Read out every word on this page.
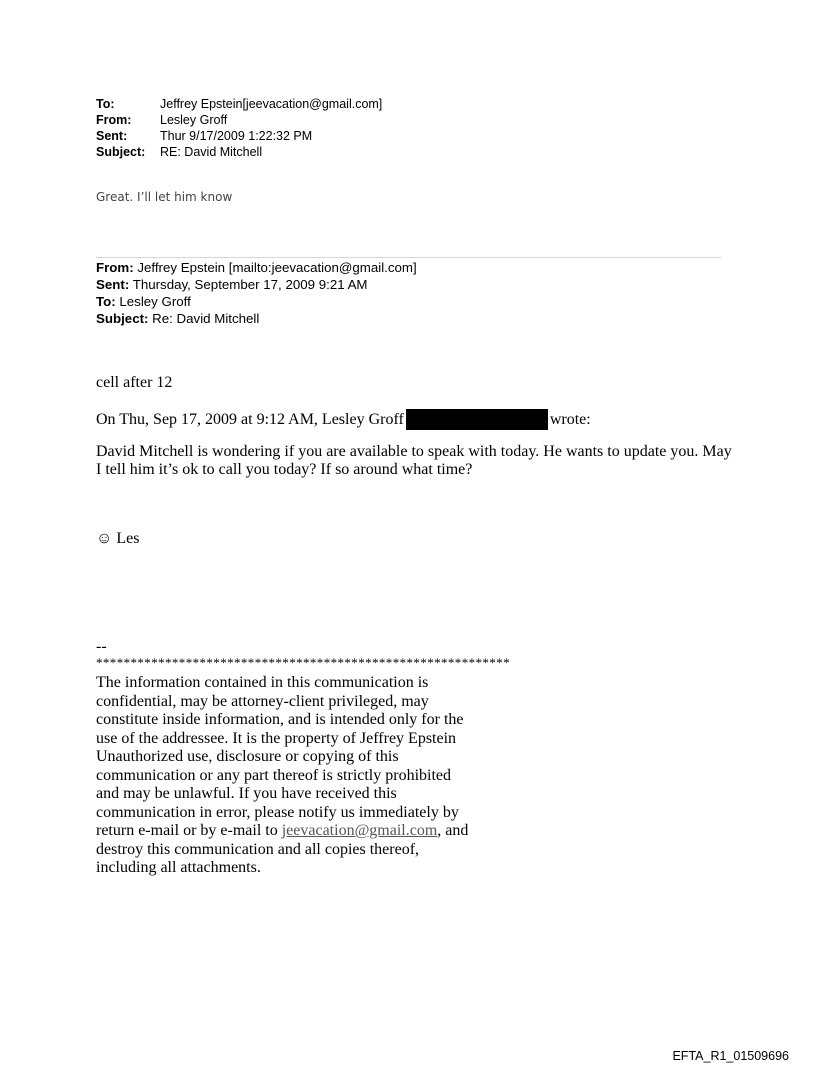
To:	Jeffrey Epstein[jeevacation@gmail.com]
From:	Lesley Groff
Sent:	Thur 9/17/2009 1:22:32 PM
Subject:	RE: David Mitchell
Great. I’ll let him know
From: Jeffrey Epstein [mailto:jeevacation@gmail.com]
Sent: Thursday, September 17, 2009 9:21 AM
To: Lesley Groff
Subject: Re: David Mitchell
cell after 12
On Thu, Sep 17, 2009 at 9:12 AM, Lesley Groff	wrote:
David Mitchell is wondering if you are available to speak with today. He wants to update you. May I tell him it’s ok to call you today? If so around what time?
☺ Les
--
************************************************************
The information contained in this communication is confidential, may be attorney-client privileged, may constitute inside information, and is intended only for the use of the addressee. It is the property of Jeffrey Epstein Unauthorized use, disclosure or copying of this communication or any part thereof is strictly prohibited and may be unlawful. If you have received this communication in error, please notify us immediately by return e-mail or by e-mail to jeevacation@gmail.com, and destroy this communication and all copies thereof, including all attachments.
EFTA_R1_01509696
